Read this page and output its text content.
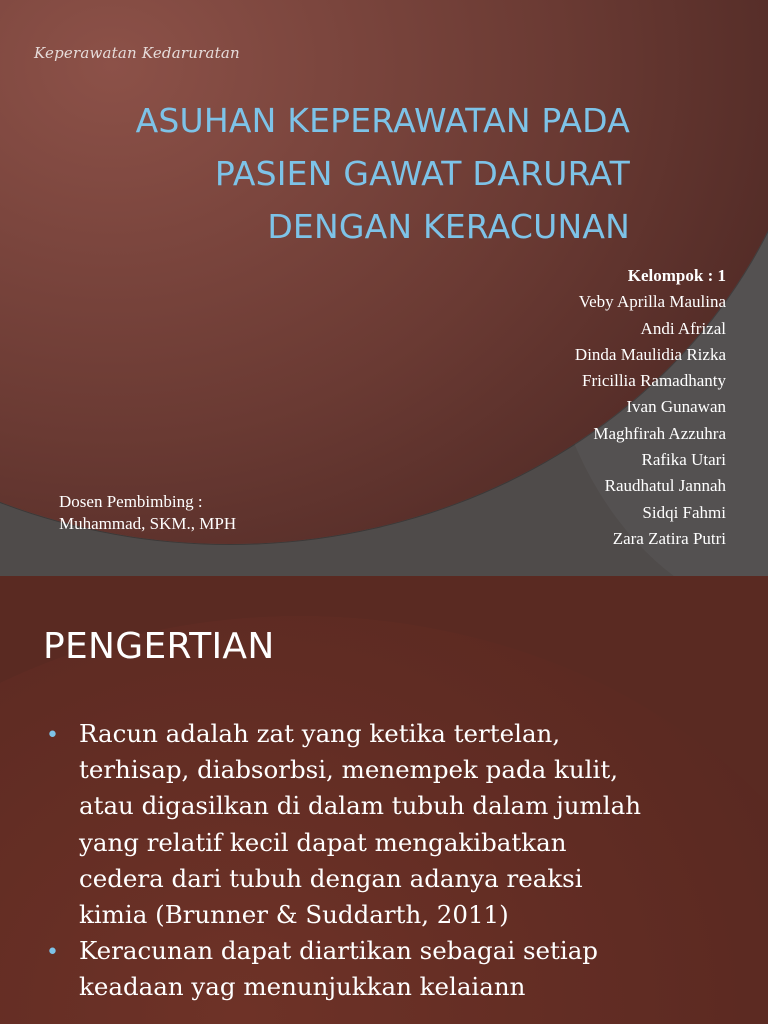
Keperawatan Kedaruratan
ASUHAN KEPERAWATAN PADA
PASIEN GAWAT DARURAT
DENGAN KERACUNAN
Kelompok : 1
Veby Aprilla Maulina
Andi Afrizal
Dinda Maulidia Rizka
Fricillia Ramadhanty
Ivan Gunawan
Maghfirah Azzuhra
Rafika Utari
Raudhatul Jannah
Sidqi Fahmi
Zara Zatira Putri
Dosen Pembimbing :
Muhammad, SKM., MPH
PENGERTIAN
• Racun adalah zat yang ketika tertelan,
terhisap, diabsorbsi, menempek pada kulit,
atau digasilkan di dalam tubuh dalam jumlah
yang relatif kecil dapat mengakibatkan
cedera dari tubuh dengan adanya reaksi
kimia (Brunner & Suddarth, 2011)
• Keracunan dapat diartikan sebagai setiap
keadaan yag menunjukkan kelaiann
